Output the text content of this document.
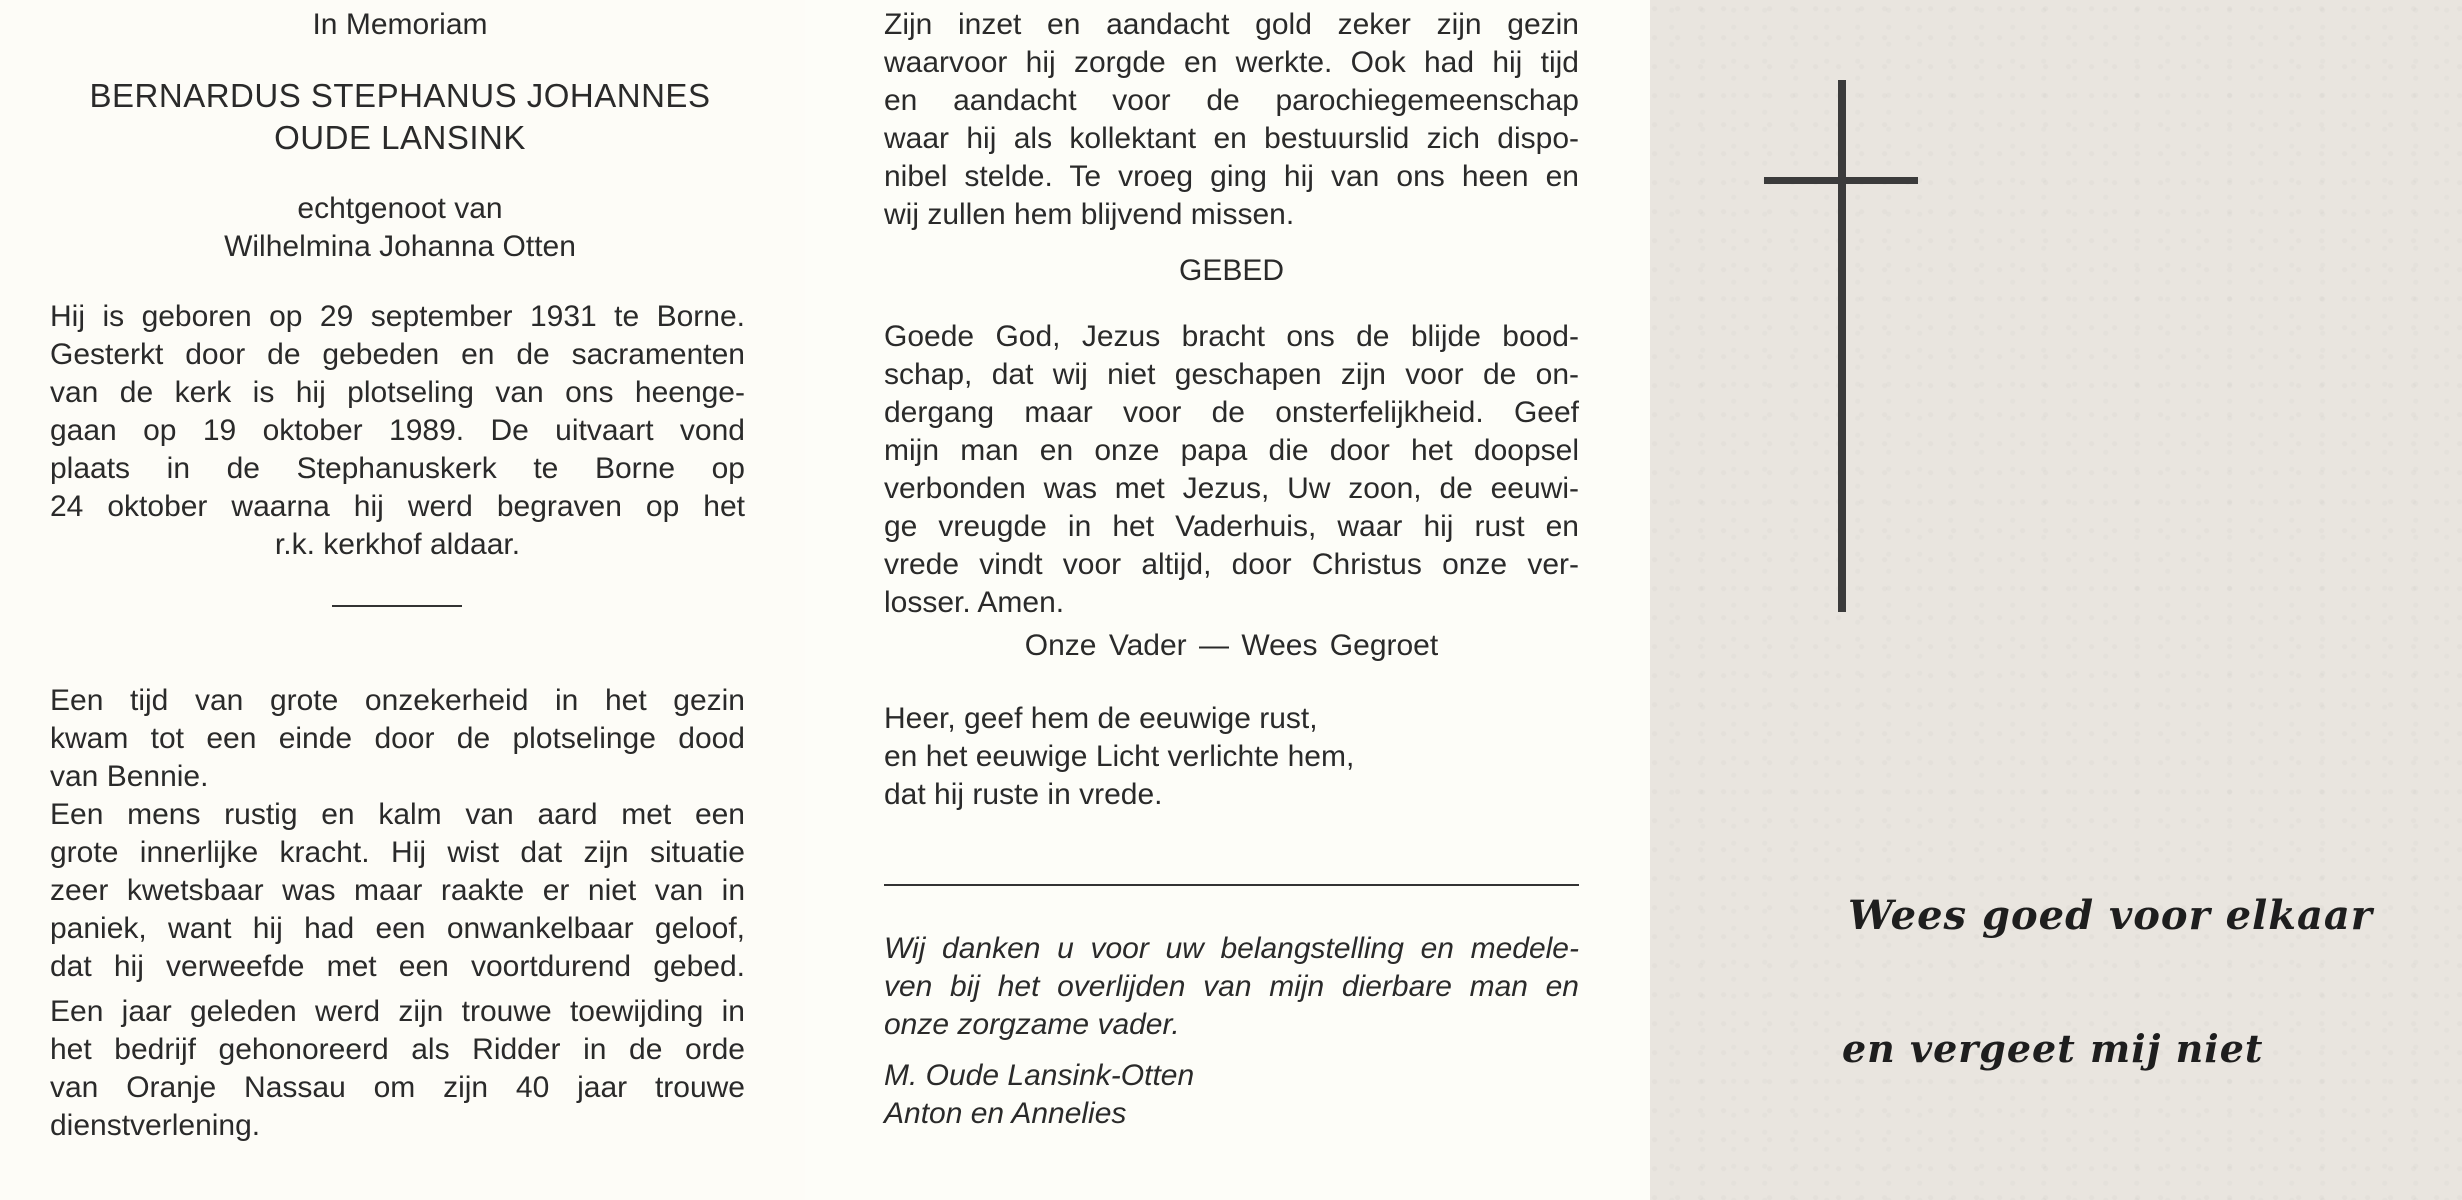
In Memoriam
BERNARDUS STEPHANUS JOHANNES
OUDE LANSINK
echtgenoot van
Wilhelmina Johanna Otten
Hij is geboren op 29 september 1931 te Borne.
Gesterkt door de gebeden en de sacramenten
van de kerk is hij plotseling van ons heenge-
gaan op 19 oktober 1989. De uitvaart vond
plaats in de Stephanuskerk te Borne op
24 oktober waarna hij werd begraven op het
r.k. kerkhof aldaar.
Een tijd van grote onzekerheid in het gezin
kwam tot een einde door de plotselinge dood
van Bennie.
Een mens rustig en kalm van aard met een
grote innerlijke kracht. Hij wist dat zijn situatie
zeer kwetsbaar was maar raakte er niet van in
paniek, want hij had een onwankelbaar geloof,
dat hij verweefde met een voortdurend gebed.
Een jaar geleden werd zijn trouwe toewijding in
het bedrijf gehonoreerd als Ridder in de orde
van Oranje Nassau om zijn 40 jaar trouwe
dienstverlening.
Zijn inzet en aandacht gold zeker zijn gezin
waarvoor hij zorgde en werkte. Ook had hij tijd
en aandacht voor de parochiegemeenschap
waar hij als kollektant en bestuurslid zich dispo-
nibel stelde. Te vroeg ging hij van ons heen en
wij zullen hem blijvend missen.
GEBED
Goede God, Jezus bracht ons de blijde bood-
schap, dat wij niet geschapen zijn voor de on-
dergang maar voor de onsterfelijkheid. Geef
mijn man en onze papa die door het doopsel
verbonden was met Jezus, Uw zoon, de eeuwi-
ge vreugde in het Vaderhuis, waar hij rust en
vrede vindt voor altijd, door Christus onze ver-
losser. Amen.
Onze Vader — Wees Gegroet
Heer, geef hem de eeuwige rust,
en het eeuwige Licht verlichte hem,
dat hij ruste in vrede.
Wij danken u voor uw belangstelling en medele-
ven bij het overlijden van mijn dierbare man en
onze zorgzame vader.
M. Oude Lansink-Otten
Anton en Annelies
Wees goed voor elkaar
en vergeet mij niet
